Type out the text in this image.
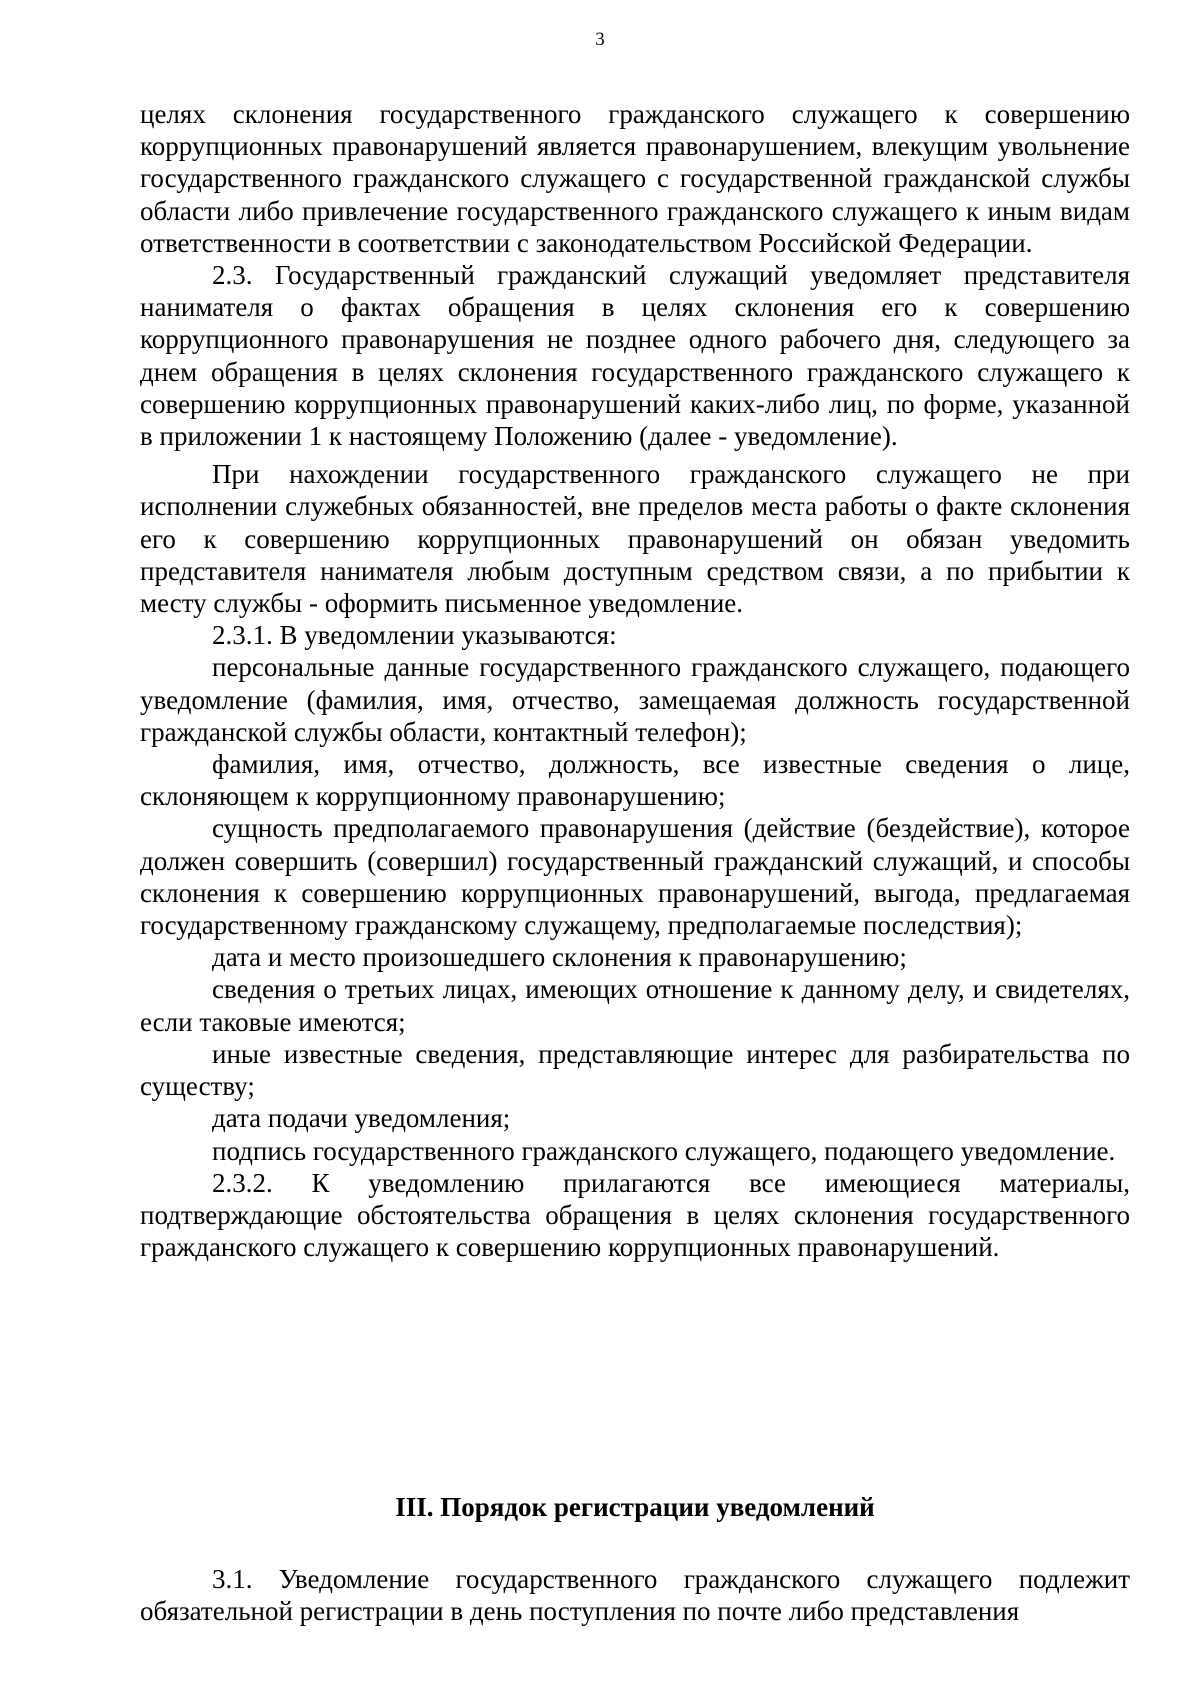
3

целях склонения государственного гражданского служащего к совершению коррупционных правонарушений является правонарушением, влекущим увольнение государственного гражданского служащего с государственной гражданской службы области либо привлечение государственного гражданского служащего к иным видам ответственности в соответствии с законодательством Российской Федерации.

2.3. Государственный гражданский служащий уведомляет представителя нанимателя о фактах обращения в целях склонения его к совершению коррупционного правонарушения не позднее одного рабочего дня, следующего за днем обращения в целях склонения государственного гражданского служащего к совершению коррупционных правонарушений каких-либо лиц, по форме, указанной в приложении 1 к настоящему Положению (далее - уведомление).

При нахождении государственного гражданского служащего не при исполнении служебных обязанностей, вне пределов места работы о факте склонения его к совершению коррупционных правонарушений он обязан уведомить представителя нанимателя любым доступным средством связи, а по прибытии к месту службы - оформить письменное уведомление.

2.3.1. В уведомлении указываются:

персональные данные государственного гражданского служащего, подающего уведомление (фамилия, имя, отчество, замещаемая должность государственной гражданской службы области, контактный телефон);

фамилия, имя, отчество, должность, все известные сведения о лице, склоняющем к коррупционному правонарушению;

сущность предполагаемого правонарушения (действие (бездействие), которое должен совершить (совершил) государственный гражданский служащий, и способы склонения к совершению коррупционных правонарушений, выгода, предлагаемая государственному гражданскому служащему, предполагаемые последствия);

дата и место произошедшего склонения к правонарушению;

сведения о третьих лицах, имеющих отношение к данному делу, и свидетелях, если таковые имеются;

иные известные сведения, представляющие интерес для разбирательства по существу;

дата подачи уведомления;

подпись государственного гражданского служащего, подающего уведомление.

2.3.2. К уведомлению прилагаются все имеющиеся материалы, подтверждающие обстоятельства обращения в целях склонения государственного гражданского служащего к совершению коррупционных правонарушений.

III. Порядок регистрации уведомлений

3.1. Уведомление государственного гражданского служащего подлежит обязательной регистрации в день поступления по почте либо представления
